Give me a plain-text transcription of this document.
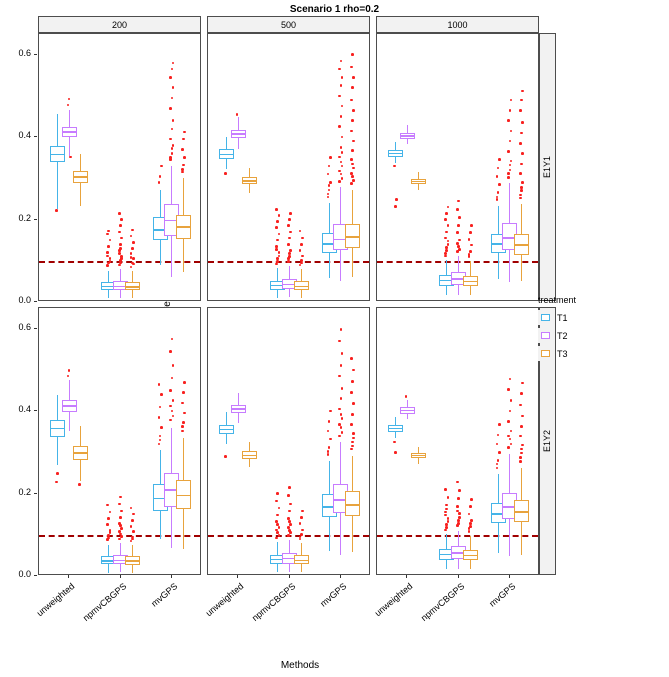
Scenario 1 rho=0.2
Methods
200	500	1000
E1Y1
E1Y2
0.0
0.2
0.4
0.6
0.0
0.2
0.4
0.6
unweighted npmvCBGPS	mvGPS	unweighted npmvCBGPS	mvGPS	unweighted npmvCBGPS	mvGPS
treatment
T1
T2
T3
